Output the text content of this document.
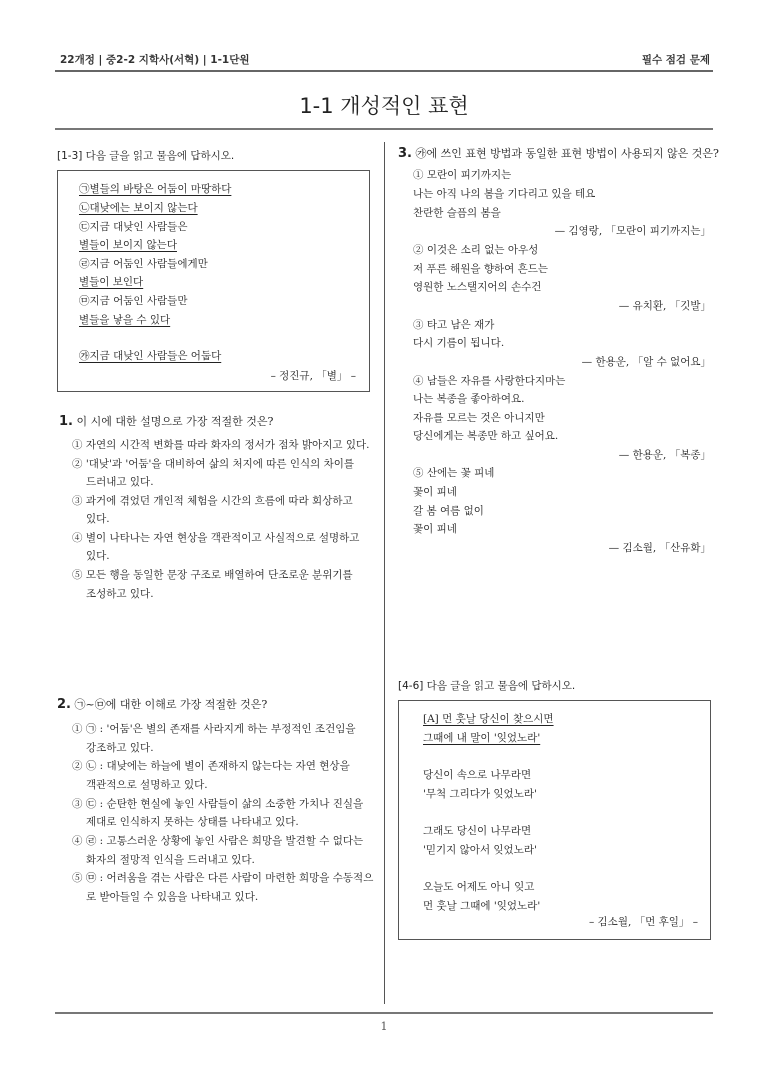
22개정 | 중2-2 지학사(서혁) | 1-1단원	필수 점검 문제
1-1 개성적인 표현
[1-3] 다음 글을 읽고 물음에 답하시오.
㉠별들의 바탕은 어둠이 마땅하다
㉡대낮에는 보이지 않는다
㉢지금 대낮인 사람들은
별들이 보이지 않는다
㉣지금 어둠인 사람들에게만
별들이 보인다
㉤지금 어둠인 사람들만
별들을 낳을 수 있다
㉮지금 대낮인 사람들은 어둡다
– 정진규, 「별」 –
1. 이 시에 대한 설명으로 가장 적절한 것은?
① 자연의 시간적 변화를 따라 화자의 정서가 점차 밝아지고 있다.
② '대낮'과 '어둠'을 대비하여 삶의 처지에 따른 인식의 차이를
드러내고 있다.
③ 과거에 겪었던 개인적 체험을 시간의 흐름에 따라 회상하고
있다.
④ 별이 나타나는 자연 현상을 객관적이고 사실적으로 설명하고
있다.
⑤ 모든 행을 동일한 문장 구조로 배열하여 단조로운 분위기를
조성하고 있다.
2. ㉠~㉤에 대한 이해로 가장 적절한 것은?
① ㉠ : '어둠'은 별의 존재를 사라지게 하는 부정적인 조건임을
강조하고 있다.
② ㉡ : 대낮에는 하늘에 별이 존재하지 않는다는 자연 현상을
객관적으로 설명하고 있다.
③ ㉢ : 순탄한 현실에 놓인 사람들이 삶의 소중한 가치나 진실을
제대로 인식하지 못하는 상태를 나타내고 있다.
④ ㉣ : 고통스러운 상황에 놓인 사람은 희망을 발견할 수 없다는
화자의 절망적 인식을 드러내고 있다.
⑤ ㉤ : 어려움을 겪는 사람은 다른 사람이 마련한 희망을 수동적으
로 받아들일 수 있음을 나타내고 있다.
3. ㉮에 쓰인 표현 방법과 동일한 표현 방법이 사용되지 않은 것은?
① 모란이 피기까지는
나는 아직 나의 봄을 기다리고 있을 테요
찬란한 슬픔의 봄을
— 김영랑, 「모란이 피기까지는」
② 이것은 소리 없는 아우성
저 푸른 해원을 향하여 흔드는
영원한 노스탤지어의 손수건
— 유치환, 「깃발」
③ 타고 남은 재가
다시 기름이 됩니다.
— 한용운, 「알 수 없어요」
④ 남들은 자유를 사랑한다지마는
나는 복종을 좋아하여요.
자유를 모르는 것은 아니지만
당신에게는 복종만 하고 싶어요.
— 한용운, 「복종」
⑤ 산에는 꽃 피네
꽃이 피네
갈 봄 여름 없이
꽃이 피네
— 김소월, 「산유화」
[4-6] 다음 글을 읽고 물음에 답하시오.
[A] 먼 훗날 당신이 찾으시면
그때에 내 말이 '잊었노라'
당신이 속으로 나무라면
'무척 그리다가 잊었노라'
그래도 당신이 나무라면
'믿기지 않아서 잊었노라'
오늘도 어제도 아니 잊고
먼 훗날 그때에 '잊었노라'
– 김소월, 「먼 후일」 –
1
